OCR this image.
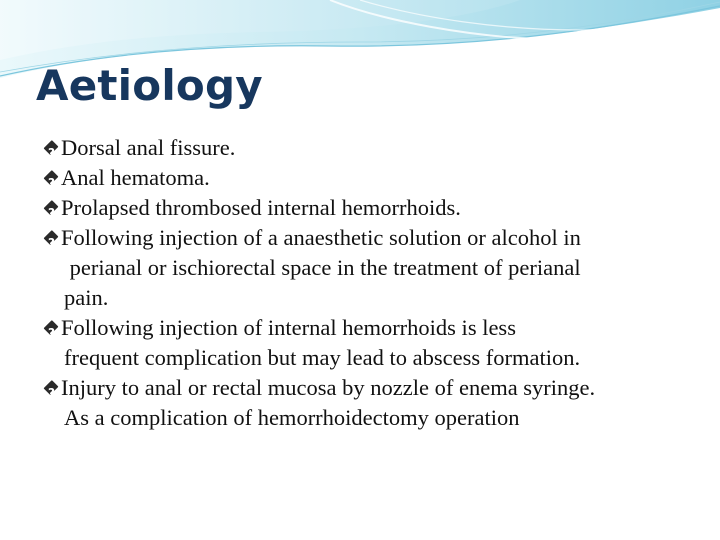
Aetiology
?Dorsal anal fissure.
?Anal hematoma.
?Prolapsed thrombosed internal hemorrhoids.
?Following injection of a anaesthetic solution or alcohol in
perianal or ischiorectal space in the treatment of perianal
pain.
?Following injection of internal hemorrhoids is less
frequent complication but may lead to abscess formation.
?Injury to anal or rectal mucosa by nozzle of enema syringe.
As a complication of hemorrhoidectomy operation
